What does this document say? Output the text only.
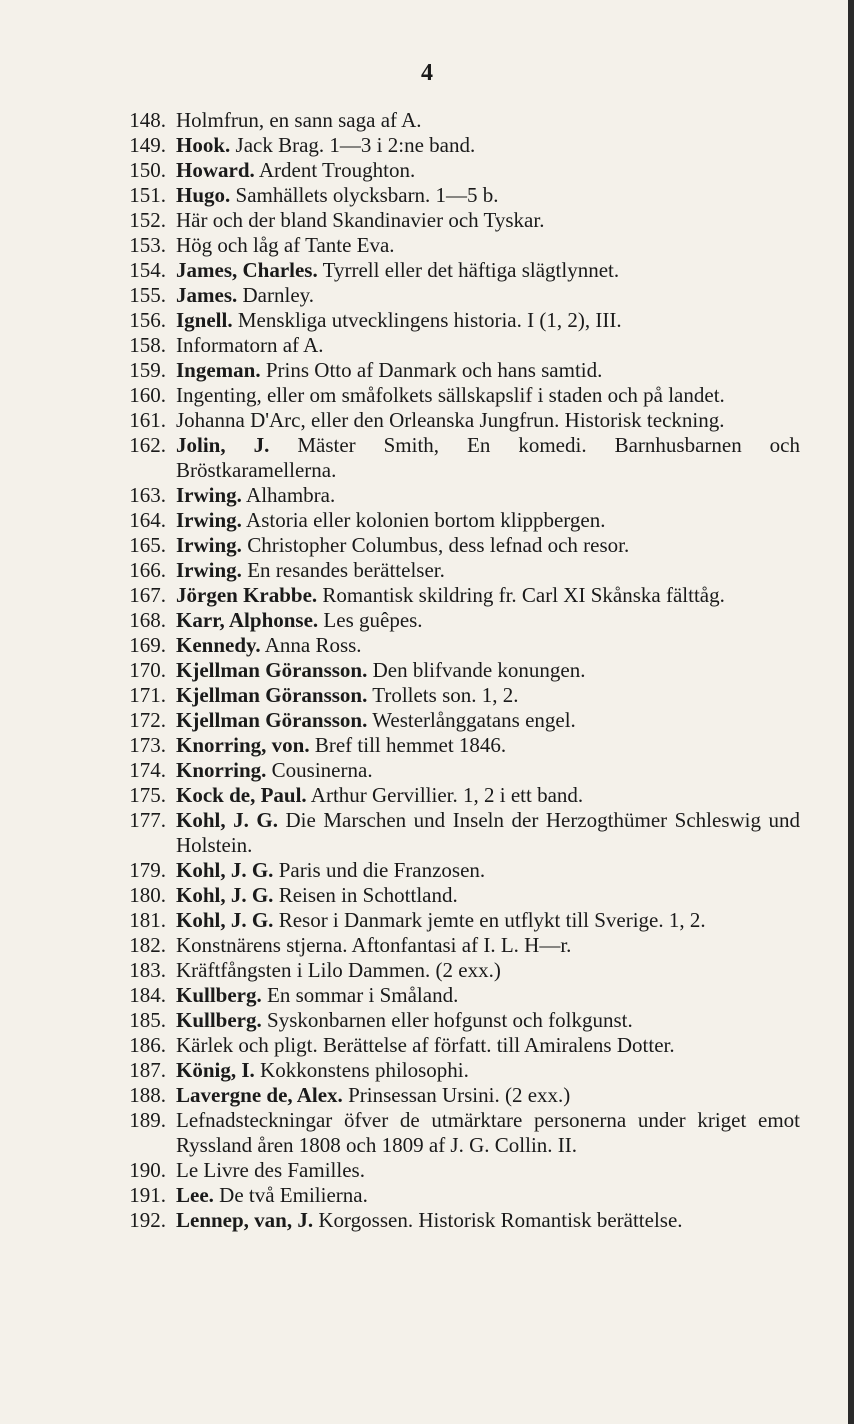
4
148. Holmfrun, en sann saga af A.
149. Hook. Jack Brag. 1—3 i 2:ne band.
150. Howard. Ardent Troughton.
151. Hugo. Samhällets olycksbarn. 1—5 b.
152. Här och der bland Skandinavier och Tyskar.
153. Hög och låg af Tante Eva.
154. James, Charles. Tyrrell eller det häftiga slägtlynnet.
155. James. Darnley.
156. Ignell. Menskliga utvecklingens historia. I (1, 2), III.
158. Informatorn af A.
159. Ingeman. Prins Otto af Danmark och hans samtid.
160. Ingenting, eller om småfolkets sällskapslif i staden och på landet.
161. Johanna D'Arc, eller den Orleanska Jungfrun. Historisk teckning.
162. Jolin, J. Mäster Smith, En komedi. Barnhusbarnen och Bröstkaramellerna.
163. Irwing. Alhambra.
164. Irwing. Astoria eller kolonien bortom klippbergen.
165. Irwing. Christopher Columbus, dess lefnad och resor.
166. Irwing. En resandes berättelser.
167. Jörgen Krabbe. Romantisk skildring fr. Carl XI Skånska fälttåg.
168. Karr, Alphonse. Les guêpes.
169. Kennedy. Anna Ross.
170. Kjellman Göransson. Den blifvande konungen.
171. Kjellman Göransson. Trollets son. 1, 2.
172. Kjellman Göransson. Westerlånggatans engel.
173. Knorring, von. Bref till hemmet 1846.
174. Knorring. Cousinerna.
175. Kock de, Paul. Arthur Gervillier. 1, 2 i ett band.
177. Kohl, J. G. Die Marschen und Inseln der Herzogthümer Schleswig und Holstein.
179. Kohl, J. G. Paris und die Franzosen.
180. Kohl, J. G. Reisen in Schottland.
181. Kohl, J. G. Resor i Danmark jemte en utflykt till Sverige. 1, 2.
182. Konstnärens stjerna. Aftonfantasi af I. L. H—r.
183. Kräftfångsten i Lilo Dammen. (2 exx.)
184. Kullberg. En sommar i Småland.
185. Kullberg. Syskonbarnen eller hofgunst och folkgunst.
186. Kärlek och pligt. Berättelse af författ. till Amiralens Dotter.
187. König, I. Kokkonstens philosophi.
188. Lavergne de, Alex. Prinsessan Ursini. (2 exx.)
189. Lefnadsteckningar öfver de utmärktare personerna under kriget emot Ryssland åren 1808 och 1809 af J. G. Collin. II.
190. Le Livre des Familles.
191. Lee. De två Emilierna.
192. Lennep, van, J. Korgossen. Historisk Romantisk berättelse.
